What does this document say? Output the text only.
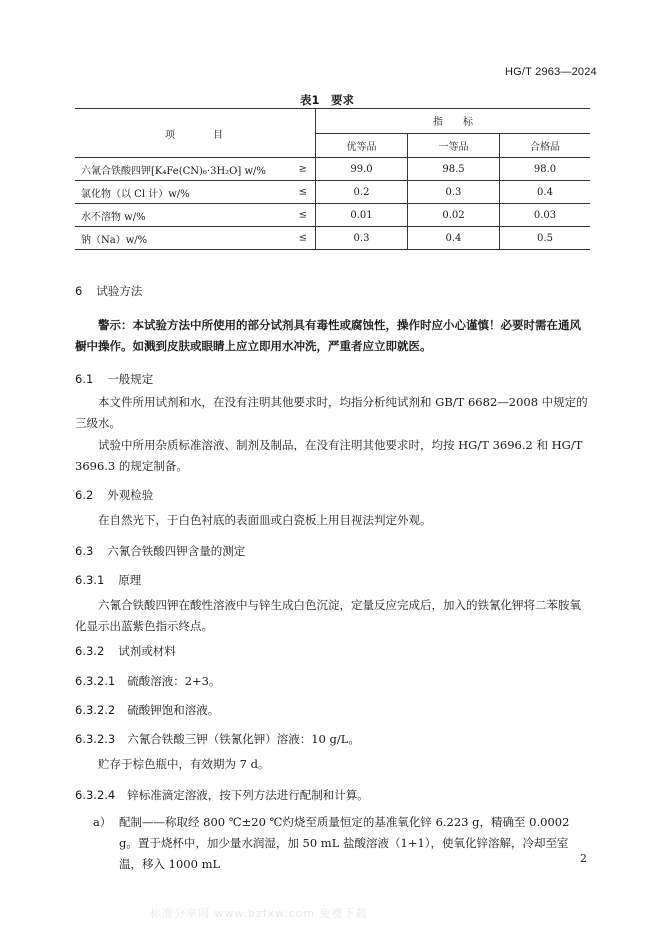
HG/T 2963—2024
表1　要求
项　　　目	指　　标		
	优等品	一等品	合格品
六氰合铁酸四钾[K₄Fe(CN)₆·3H₂O] w/% ≥	99.0	98.5	98.0
氯化物（以 Cl 计）w/% ≤	0.2	0.3	0.4
水不溶物 w/% ≤	0.01	0.02	0.03
钠（Na）w/% ≤	0.3	0.4	0.5
6 试验方法
警示：本试验方法中所使用的部分试剂具有毒性或腐蚀性，操作时应小心谨慎！必要时需在通风橱中操作。如溅到皮肤或眼睛上应立即用水冲洗，严重者应立即就医。
6.1 一般规定
本文件所用试剂和水，在没有注明其他要求时，均指分析纯试剂和 GB/T 6682—2008 中规定的三级水。
试验中所用杂质标准溶液、制剂及制品，在没有注明其他要求时，均按 HG/T 3696.2 和 HG/T 3696.3 的规定制备。
6.2 外观检验
在自然光下，于白色衬底的表面皿或白瓷板上用目视法判定外观。
6.3 六氰合铁酸四钾含量的测定
6.3.1 原理
六氰合铁酸四钾在酸性溶液中与锌生成白色沉淀，定量反应完成后，加入的铁氰化钾将二苯胺氧化显示出蓝紫色指示终点。
6.3.2 试剂或材料
6.3.2.1 硫酸溶液：2+3。
6.3.2.2 硫酸钾饱和溶液。
6.3.2.3 六氰合铁酸三钾（铁氰化钾）溶液：10 g/L。
贮存于棕色瓶中，有效期为 7 d。
6.3.2.4 锌标准滴定溶液，按下列方法进行配制和计算。
a） 配制——称取经 800 ℃±20 ℃灼烧至质量恒定的基准氧化锌 6.223 g，精确至 0.0002 g。置于烧杯中，加少量水润湿，加 50 mL 盐酸溶液（1+1），使氧化锌溶解，冷却至室温，移入 1000 mL	2
标准分享网 www.bzfxw.com 免费下载
